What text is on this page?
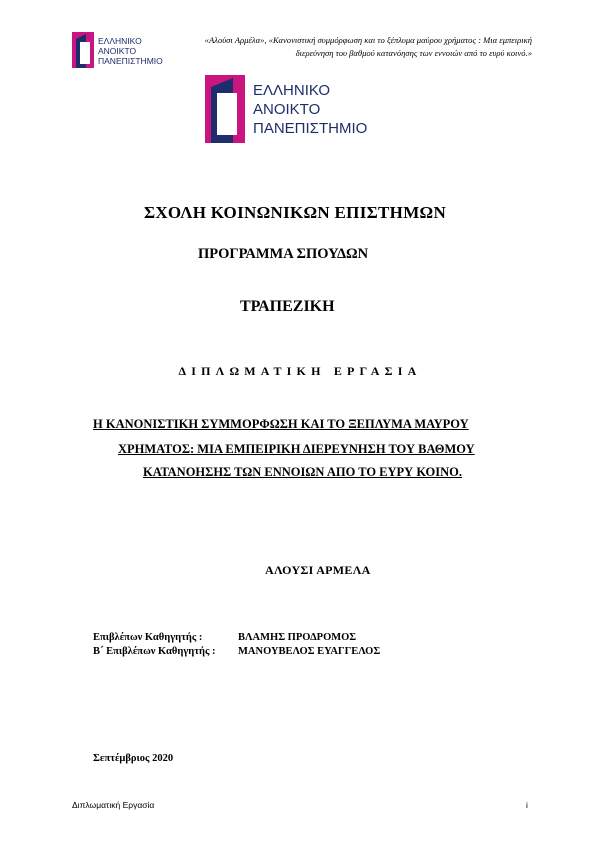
ΕΛΛΗΝΙΚΟ
ΑΝΟΙΚΤΟ
ΠΑΝΕΠΙΣΤΗΜΙΟ
«Αλούσι Αρμέλα», «Κανονιστική συμμόρφωση και το ξέπλυμα μαύρου χρήματος : Μια εμπειρική διερεύνηση του βαθμού κατανόησης των εννοιών από το ευρύ κοινό.»
ΕΛΛΗΝΙΚΟ
ΑΝΟΙΚΤΟ
ΠΑΝΕΠΙΣΤΗΜΙΟ
ΣΧΟΛΗ ΚΟΙΝΩΝΙΚΩΝ ΕΠΙΣΤΗΜΩΝ
ΠΡΟΓΡΑΜΜΑ ΣΠΟΥΔΩΝ
ΤΡΑΠΕΖΙΚΗ
ΔΙΠΛΩΜΑΤΙΚΗ ΕΡΓΑΣΙΑ
Η ΚΑΝΟΝΙΣΤΙΚΗ ΣΥΜΜΟΡΦΩΣΗ ΚΑΙ ΤΟ ΞΕΠΛΥΜΑ ΜΑΥΡΟΥ
ΧΡΗΜΑΤΟΣ: ΜΙΑ ΕΜΠΕΙΡΙΚΗ ΔΙΕΡΕΥΝΗΣΗ ΤΟΥ ΒΑΘΜΟΥ
ΚΑΤΑΝΟΗΣΗΣ ΤΩΝ ΕΝΝΟΙΩΝ ΑΠΟ ΤΟ ΕΥΡΥ ΚΟΙΝΟ.
ΑΛΟΥΣΙ ΑΡΜΕΛΑ
Επιβλέπων Καθηγητής :	ΒΛΑΜΗΣ ΠΡΟΔΡΟΜΟΣ
Β΄ Επιβλέπων Καθηγητής : ΜΑΝΟΥΒΕΛΟΣ ΕΥΑΓΓΕΛΟΣ
Σεπτέμβριος 2020
Διπλωματική Εργασία	i
